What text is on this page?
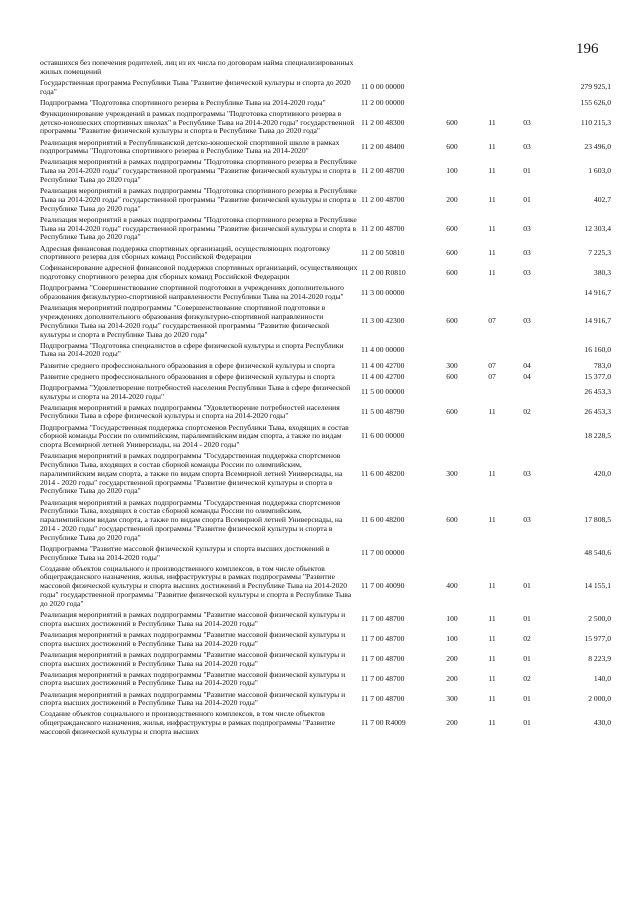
196
оставшихся без попечения родителей, лиц из их числа по договорам найма специализированных жилых помещений					
Государственная программа Республики Тыва "Развитие физической культуры и спорта до 2020 года"	11 0 00 00000				279 925,1
Подпрограмма "Подготовка спортивного резерва в Республике Тыва на 2014-2020 годы"	11 2 00 00000				155 626,0
Функционирование учреждений в рамках подпрограммы "Подготовка спортивного резерва в детско-юношеских спортивных школах" в Республике Тыва на 2014-2020 годы" государственной программы "Развитие физической культуры и спорта в Республике Тыва до 2020 года"	11 2 00 48300	600	11	03	110 215,3
Реализация мероприятий в Республиканской детско-юношеской спортивной школе в рамках подпрограммы "Подготовка спортивного резерва в Республике Тыва на 2014-2020"	11 2 00 48400	600	11	03	23 496,0
Реализация мероприятий в рамках подпрограммы "Подготовка спортивного резерва в Республике Тыва на 2014-2020 годы" государственной программы "Развитие физической культуры и спорта в Республике Тыва до 2020 года"	11 2 00 48700	100	11	01	1 603,0
Реализация мероприятий в рамках подпрограммы "Подготовка спортивного резерва в Республике Тыва на 2014-2020 годы" государственной программы "Развитие физической культуры и спорта в Республике Тыва до 2020 года"	11 2 00 48700	200	11	01	402,7
Реализация мероприятий в рамках подпрограммы "Подготовка спортивного резерва в Республике Тыва на 2014-2020 годы" государственной программы "Развитие физической культуры и спорта в Республике Тыва до 2020 года"	11 2 00 48700	600	11	03	12 303,4
Адресная финансовая поддержка спортивных организаций, осуществляющих подготовку спортивного резерва для сборных команд Российской Федерации	11 2 00 50810	600	11	03	7 225,3
Софинансирование адресной финансовой поддержки спортивных организаций, осуществляющих подготовку спортивного резерва для сборных команд Российской Федерации	11 2 00 R0810	600	11	03	380,3
Подпрограмма "Совершенствование спортивной подготовки в учреждениях дополнительного образования физкультурно-спортивной направленности Республики Тыва на 2014-2020 годы"	11 3 00 00000				14 916,7
Реализация мероприятий подпрограммы "Совершенствование спортивной подготовки в учреждениях дополнительного образования физкультурно-спортивной направленности Республики Тыва на 2014-2020 годы" государственной программы "Развитие физической культуры и спорта в Республике Тыва до 2020 года"	11 3 00 42300	600	07	03	14 916,7
Подпрограмма "Подготовка специалистов в сфере физической культуры и спорта Республики Тыва на 2014-2020 годы"	11 4 00 00000				16 160,0
Развитие среднего профессионального образования в сфере физической культуры и спорта	11 4 00 42700	300	07	04	783,0
Развитие среднего профессионального образования в сфере физической культуры и спорта	11 4 00 42700	600	07	04	15 377,0
Подпрограмма "Удовлетворение потребностей населения Республики Тыва в сфере физической культуры и спорта на 2014-2020 годы"	11 5 00 00000				26 453,3
Реализация мероприятий в рамках подпрограммы "Удовлетворение потребностей населения Республики Тыва в сфере физической культуры и спорта на 2014-2020 годы"	11 5 00 48790	600	11	02	26 453,3
Подпрограмма "Государственная поддержка спортсменов Республики Тыва, входящих в состав сборной команды России по олимпийским, паралимпийским видам спорта, а также по видам спорта Всемирной летней Универсиады, на 2014 - 2020 годы"	11 6 00 00000				18 228,5
Реализация мероприятий в рамках подпрограммы "Государственная поддержка спортсменов Республики Тыва, входящих в состав сборной команды России по олимпийским, паралимпийским видам спорта, а также по видам спорта Всемирной летней Универсиады, на 2014 - 2020 годы" государственной программы "Развитие физической культуры и спорта в Республике Тыва до 2020 года"	11 6 00 48200	300	11	03	420,0
Реализация мероприятий в рамках подпрограммы "Государственная поддержка спортсменов Республики Тыва, входящих в состав сборной команды России по олимпийским, паралимпийским видам спорта, а также по видам спорта Всемирной летней Универсиады, на 2014 - 2020 годы" государственной программы "Развитие физической культуры и спорта в Республике Тыва до 2020 года"	11 6 00 48200	600	11	03	17 808,5
Подпрограмма "Развитие массовой физической культуры и спорта высших достижений в Республике Тыва на 2014-2020 годы"	11 7 00 00000				48 540,6
Создание объектов социального и производственного комплексов, в том числе объектов общегражданского назначения, жилья, инфраструктуры в рамках подпрограммы "Развитие массовой физической культуры и спорта высших достижений в Республике Тыва на 2014-2020 годы" государственной программы "Развитие физической культуры и спорта в Республике Тыва до 2020 года"	11 7 00 40090	400	11	01	14 155,1
Реализация мероприятий в рамках подпрограммы "Развитие массовой физической культуры и спорта высших достижений в Республике Тыва на 2014-2020 годы"	11 7 00 48700	100	11	01	2 500,0
Реализация мероприятий в рамках подпрограммы "Развитие массовой физической культуры и спорта высших достижений в Республике Тыва на 2014-2020 годы"	11 7 00 48700	100	11	02	15 977,0
Реализация мероприятий в рамках подпрограммы "Развитие массовой физической культуры и спорта высших достижений в Республике Тыва на 2014-2020 годы"	11 7 00 48700	200	11	01	8 223,9
Реализация мероприятий в рамках подпрограммы "Развитие массовой физической культуры и спорта высших достижений в Республике Тыва на 2014-2020 годы"	11 7 00 48700	200	11	02	140,0
Реализация мероприятий в рамках подпрограммы "Развитие массовой физической культуры и спорта высших достижений в Республике Тыва на 2014-2020 годы"	11 7 00 48700	300	11	01	2 000,0
Создание объектов социального и производственного комплексов, в том числе объектов общегражданского назначения, жилья, инфраструктуры в рамках подпрограммы "Развитие массовой физической культуры и спорта высших	11 7 00 R4009	200	11	01	430,0
